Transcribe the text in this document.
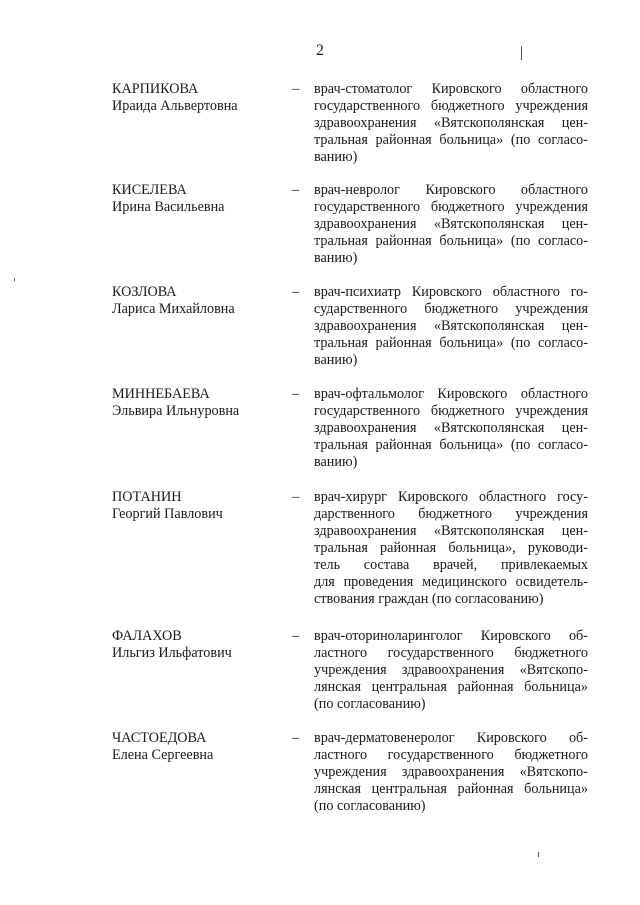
2
КАРПИКОВА
Ираида Альвертовна
–	врач-стоматолог Кировского областного
государственного бюджетного учреждения
здравоохранения «Вятскополянская цен-
тральная районная больница» (по согласо-
ванию)
КИСЕЛЕВА
Ирина Васильевна
–	врач-невролог Кировского областного
государственного бюджетного учреждения
здравоохранения «Вятскополянская цен-
тральная районная больница» (по согласо-
ванию)
КОЗЛОВА
Лариса Михайловна
–	врач-психиатр Кировского областного го-
сударственного бюджетного учреждения
здравоохранения «Вятскополянская цен-
тральная районная больница» (по согласо-
ванию)
МИННЕБАЕВА
Эльвира Ильнуровна
–	врач-офтальмолог Кировского областного
государственного бюджетного учреждения
здравоохранения «Вятскополянская цен-
тральная районная больница» (по согласо-
ванию)
ПОТАНИН
Георгий Павлович
–	врач-хирург Кировского областного госу-
дарственного бюджетного учреждения
здравоохранения «Вятскополянская цен-
тральная районная больница», руководи-
тель состава врачей, привлекаемых
для проведения медицинского освидетель-
ствования граждан (по согласованию)
ФАЛАХОВ
Ильгиз Ильфатович
–	врач-оториноларинголог Кировского об-
ластного государственного бюджетного
учреждения здравоохранения «Вятскопо-
лянская центральная районная больница»
(по согласованию)
ЧАСТОЕДОВА
Елена Сергеевна
–	врач-дерматовенеролог Кировского об-
ластного государственного бюджетного
учреждения здравоохранения «Вятскопо-
лянская центральная районная больница»
(по согласованию)
